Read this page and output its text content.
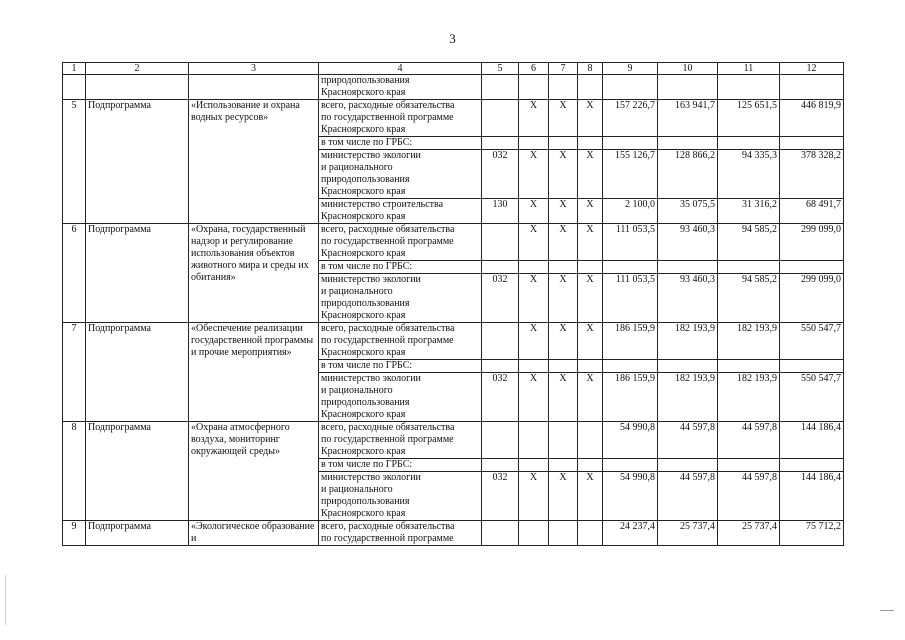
3
1	2	3	4	5	6	7	8	9	10	11	12
			природопользования
Красноярского края								
5	Подпрограмма	«Использование и охрана водных ресурсов»	всего, расходные обязательства
по государственной программе
Красноярского края		X	X	X	157 226,7	163 941,7	125 651,5	446 819,9
			в том числе по ГРБС:								
			министерство экологии
и рационального
природопользования
Красноярского края	032	X	X	X	155 126,7	128 866,2	94 335,3	378 328,2
			министерство строительства
Красноярского края	130	X	X	X	2 100,0	35 075,5	31 316,2	68 491,7
6	Подпрограмма	«Охрана, государственный надзор и регулирование использования объектов животного мира и среды их обитания»	всего, расходные обязательства
по государственной программе
Красноярского края		X	X	X	111 053,5	93 460,3	94 585,2	299 099,0
			в том числе по ГРБС:								
			министерство экологии
и рационального
природопользования
Красноярского края	032	X	X	X	111 053,5	93 460,3	94 585,2	299 099,0
7	Подпрограмма	«Обеспечение реализации государственной программы и прочие мероприятия»	всего, расходные обязательства
по государственной программе
Красноярского края		X	X	X	186 159,9	182 193,9	182 193,9	550 547,7
			в том числе по ГРБС:								
			министерство экологии
и рационального
природопользования
Красноярского края	032	X	X	X	186 159,9	182 193,9	182 193,9	550 547,7
8	Подпрограмма	«Охрана атмосферного воздуха, мониторинг окружающей среды»	всего, расходные обязательства
по государственной программе
Красноярского края					54 990,8	44 597,8	44 597,8	144 186,4
			в том числе по ГРБС:								
			министерство экологии
и рационального
природопользования
Красноярского края	032	X	X	X	54 990,8	44 597,8	44 597,8	144 186,4
9	Подпрограмма	«Экологическое образование и	всего, расходные обязательства
по государственной программе					24 237,4	25 737,4	25 737,4	75 712,2
